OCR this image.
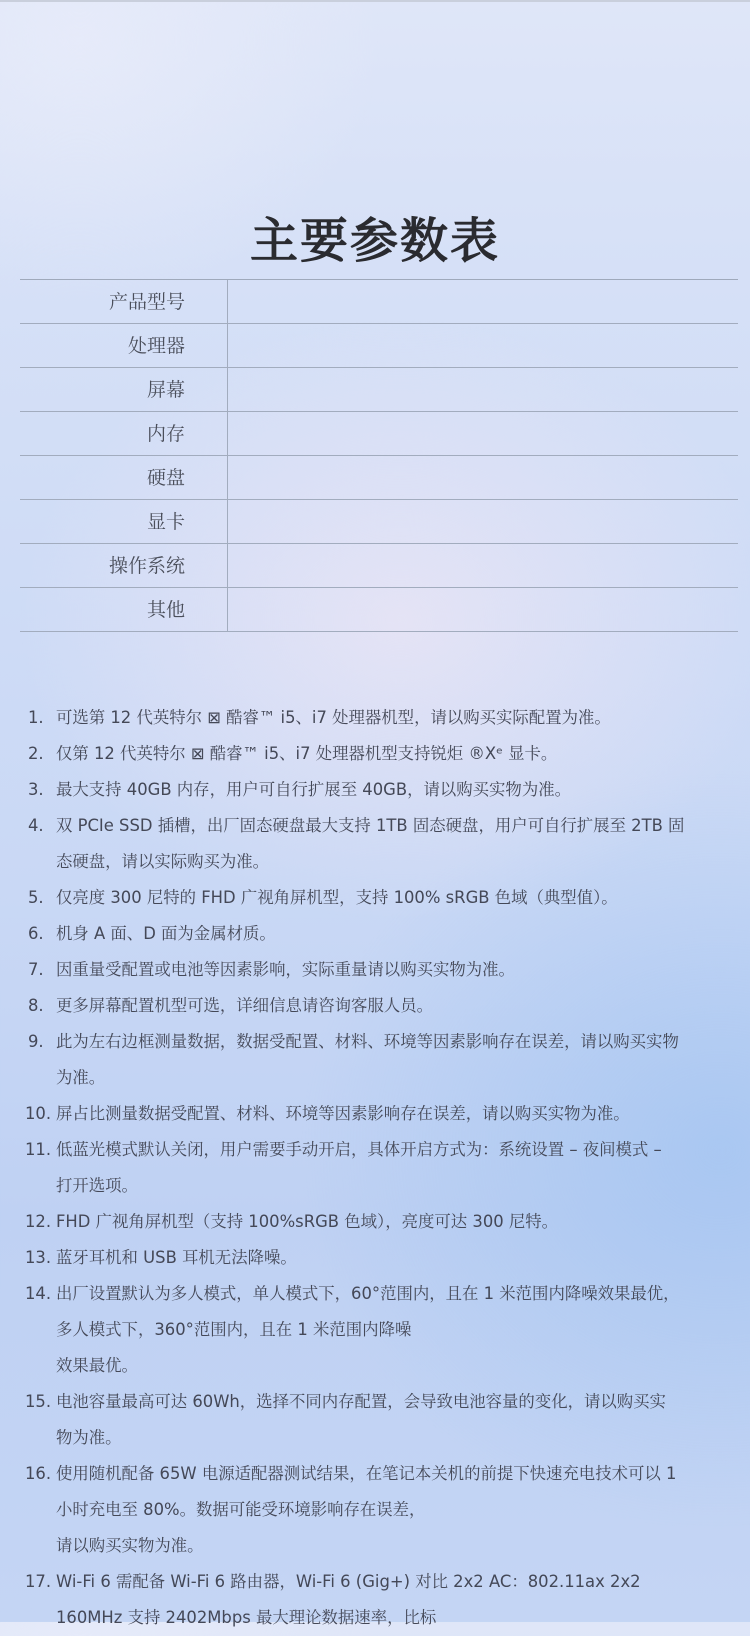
主要参数表
产品型号
处理器
屏幕
内存
硬盘
显卡
操作系统
其他
1. 可选第 12 代英特尔 ⊠ 酷睿™ i5、i7 处理器机型，请以购买实际配置为准。
2. 仅第 12 代英特尔 ⊠ 酷睿™ i5、i7 处理器机型支持锐炬 ®Xᵉ 显卡。
3. 最大支持 40GB 内存，用户可自行扩展至 40GB，请以购买实物为准。
4. 双 PCIe SSD 插槽，出厂固态硬盘最大支持 1TB 固态硬盘，用户可自行扩展至 2TB 固
态硬盘，请以实际购买为准。
5. 仅亮度 300 尼特的 FHD 广视角屏机型，支持 100% sRGB 色域（典型值）。
6. 机身 A 面、D 面为金属材质。
7. 因重量受配置或电池等因素影响，实际重量请以购买实物为准。
8. 更多屏幕配置机型可选，详细信息请咨询客服人员。
9. 此为左右边框测量数据，数据受配置、材料、环境等因素影响存在误差，请以购买实物
为准。
10. 屏占比测量数据受配置、材料、环境等因素影响存在误差，请以购买实物为准。
11. 低蓝光模式默认关闭，用户需要手动开启，具体开启方式为：系统设置 – 夜间模式 –
打开选项。
12. FHD 广视角屏机型（支持 100%sRGB 色域），亮度可达 300 尼特。
13. 蓝牙耳机和 USB 耳机无法降噪。
14. 出厂设置默认为多人模式，单人模式下，60°范围内，且在 1 米范围内降噪效果最优，
多人模式下，360°范围内，且在 1 米范围内降噪
效果最优。
15. 电池容量最高可达 60Wh，选择不同内存配置，会导致电池容量的变化，请以购买实
物为准。
16. 使用随机配备 65W 电源适配器测试结果，在笔记本关机的前提下快速充电技术可以 1
小时充电至 80%。数据可能受环境影响存在误差，
请以购买实物为准。
17. Wi-Fi 6 需配备 Wi-Fi 6 路由器，Wi-Fi 6 (Gig+) 对比 2x2 AC：802.11ax 2x2
160MHz 支持 2402Mbps 最大理论数据速率，比标
